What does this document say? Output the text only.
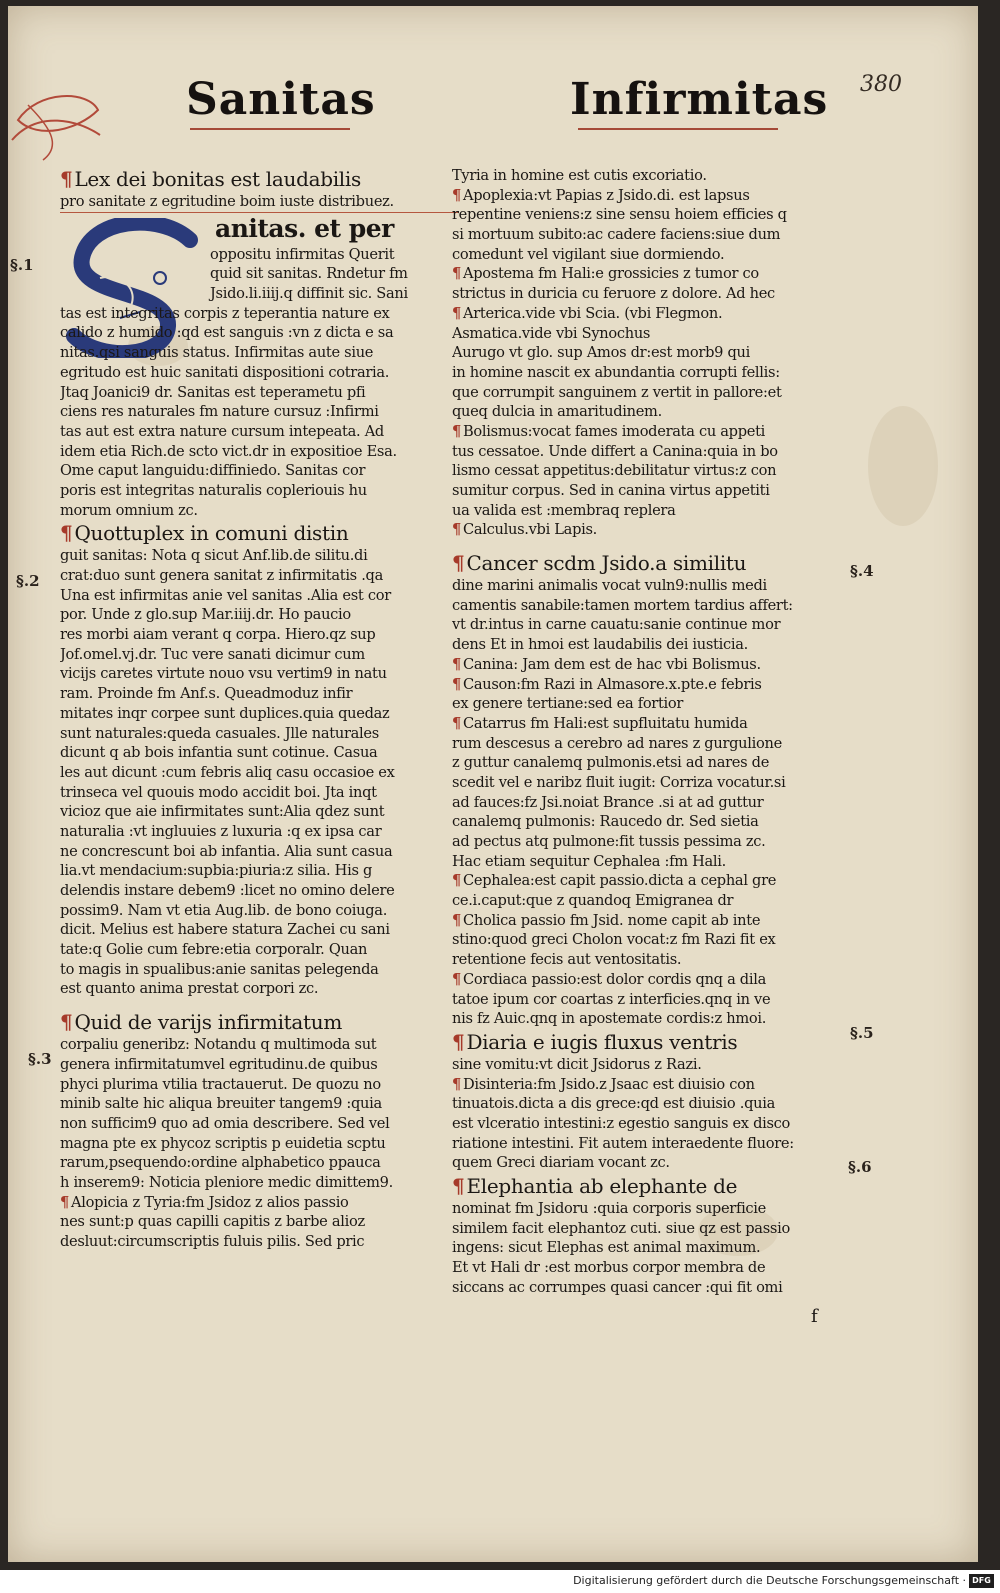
Sanitas	Infirmitas 380
¶ Lex dei bonitas est laudabilis
pro sanitate z egritudine boim iuste distribuez.
anitas. et per
oppositu infirmitas Querit
quid sit sanitas. Rndetur fm
Jsido.li.iiij.q diffinit sic. Sani
tas est integritas corpis z teperantia nature ex
calido z humido :qd est sanguis :vn z dicta e sa
nitas.qsi sanguis status. Infirmitas aute siue
egritudo est huic sanitati dispositioni cotraria.
Jtaq Joanici9 dr. Sanitas est teperametu pfi
ciens res naturales fm nature cursuz :Infirmi
tas aut est extra nature cursum intepeata. Ad
idem etia Rich.de scto vict.dr in expositioe Esa.
Ome caput languidu:diffiniedo. Sanitas cor
poris est integritas naturalis copleriouis hu
morum omnium zc.
¶ Quottuplex in comuni distin
guit sanitas: Nota q sicut Anf.lib.de silitu.di
crat:duo sunt genera sanitat z infirmitatis .qa
Una est infirmitas anie vel sanitas .Alia est cor
por. Unde z glo.sup Mar.iiij.dr. Ho paucio
res morbi aiam verant q corpa. Hiero.qz sup
Jof.omel.vj.dr. Tuc vere sanati dicimur cum
vicijs caretes virtute nouo vsu vertim9 in natu
ram. Proinde fm Anf.s. Queadmoduz infir
mitates inqr corpee sunt duplices.quia quedaz
sunt naturales:queda casuales. Jlle naturales
dicunt q ab bois infantia sunt cotinue. Casua
les aut dicunt :cum febris aliq casu occasioe ex
trinseca vel quouis modo accidit boi. Jta inqt
vicioz que aie infirmitates sunt:Alia qdez sunt
naturalia :vt ingluuies z luxuria :q ex ipsa car
ne concrescunt boi ab infantia. Alia sunt casua
lia.vt mendacium:supbia:piuria:z silia. His g
delendis instare debem9 :licet no omino delere
possim9. Nam vt etia Aug.lib. de bono coiuga.
dicit. Melius est habere statura Zachei cu sani
tate:q Golie cum febre:etia corporalr. Quan
to magis in spualibus:anie sanitas pelegenda
est quanto anima prestat corpori zc.
¶ Quid de varijs infirmitatum
corpaliu generibz: Notandu q multimoda sut
genera infirmitatumvel egritudinu.de quibus
phyci plurima vtilia tractauerut. De quozu no
minib salte hic aliqua breuiter tangem9 :quia
non sufficim9 quo ad omia describere. Sed vel
magna pte ex phycoz scriptis p euidetia scptu
rarum,psequendo:ordine alphabetico ppauca
h inserem9: Noticia pleniore medic dimittem9.
¶ Alopicia z Tyria:fm Jsidoz z alios passio
nes sunt:p quas capilli capitis z barbe alioz
desluut:circumscriptis fuluis pilis. Sed pric
Tyria in homine est cutis excoriatio.
¶ Apoplexia:vt Papias z Jsido.di. est lapsus
repentine veniens:z sine sensu hoiem efficies q
si mortuum subito:ac cadere faciens:siue dum
comedunt vel vigilant siue dormiendo.
¶ Apostema fm Hali:e grossicies z tumor co
strictus in duricia cu feruore z dolore. Ad hec
¶ Arterica.vide vbi Scia. (vbi Flegmon.
Asmatica.vide vbi Synochus
Aurugo vt glo. sup Amos dr:est morb9 qui
in homine nascit ex abundantia corrupti fellis:
que corrumpit sanguinem z vertit in pallore:et
queq dulcia in amaritudinem.
¶ Bolismus:vocat fames imoderata cu appeti
tus cessatoe. Unde differt a Canina:quia in bo
lismo cessat appetitus:debilitatur virtus:z con
sumitur corpus. Sed in canina virtus appetiti
ua valida est :membraq replera
¶ Calculus.vbi Lapis.
¶ Cancer scdm Jsido.a similitu
dine marini animalis vocat vuln9:nullis medi
camentis sanabile:tamen mortem tardius affert:
vt dr.intus in carne cauatu:sanie continue mor
dens Et in hmoi est laudabilis dei iusticia.
¶ Canina: Jam dem est de hac vbi Bolismus.
¶ Causon:fm Razi in Almasore.x.pte.e febris
ex genere tertiane:sed ea fortior
¶ Catarrus fm Hali:est supfluitatu humida
rum descesus a cerebro ad nares z gurgulione
z guttur canalemq pulmonis.etsi ad nares de
scedit vel e naribz fluit iugit: Corriza vocatur.si
ad fauces:fz Jsi.noiat Brance .si at ad guttur
canalemq pulmonis: Raucedo dr. Sed sietia
ad pectus atq pulmone:fit tussis pessima zc.
Hac etiam sequitur Cephalea :fm Hali.
¶ Cephalea:est capit passio.dicta a cephal gre
ce.i.caput:que z quandoq Emigranea dr
¶ Cholica passio fm Jsid. nome capit ab inte
stino:quod greci Cholon vocat:z fm Razi fit ex
retentione fecis aut ventositatis.
¶ Cordiaca passio:est dolor cordis qnq a dila
tatoe ipum cor coartas z interficies.qnq in ve
nis fz Auic.qnq in apostemate cordis:z hmoi.
¶ Diaria e iugis fluxus ventris
sine vomitu:vt dicit Jsidorus z Razi.
¶ Disinteria:fm Jsido.z Jsaac est diuisio con
tinuatois.dicta a dis grece:qd est diuisio .quia
est vlceratio intestini:z egestio sanguis ex disco
riatione intestini. Fit autem interaedente fluore:
quem Greci diariam vocant zc.
¶ Elephantia ab elephante de
nominat fm Jsidoru :quia corporis superficie
similem facit elephantoz cuti. siue qz est passio
ingens: sicut Elephas est animal maximum.
Et vt Hali dr :est morbus corpor membra de
siccans ac corrumpes quasi cancer :qui fit omi
§.1
§.2
§.3
§.4
§.5
§.6
f
Digitalisierung gefördert durch die Deutsche Forschungsgemeinschaft · DFG
